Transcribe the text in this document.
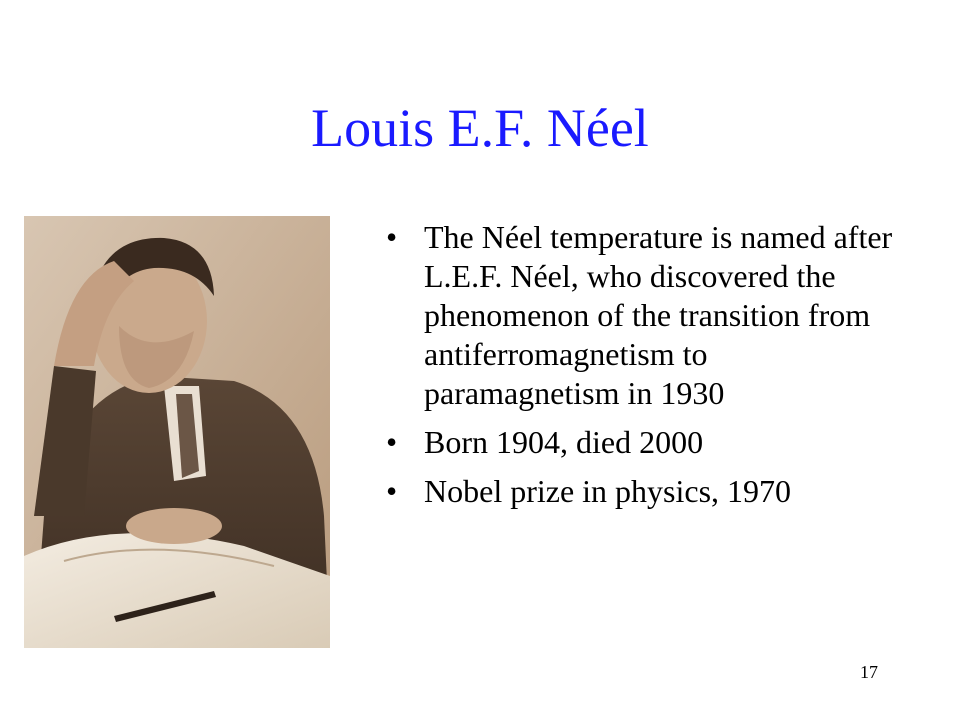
Louis E.F. Néel
• The Néel temperature is named after L.E.F. Néel, who discovered the phenomenon of the transition from antiferromagnetism to paramagnetism in 1930
• Born 1904, died 2000
• Nobel prize in physics, 1970
17
